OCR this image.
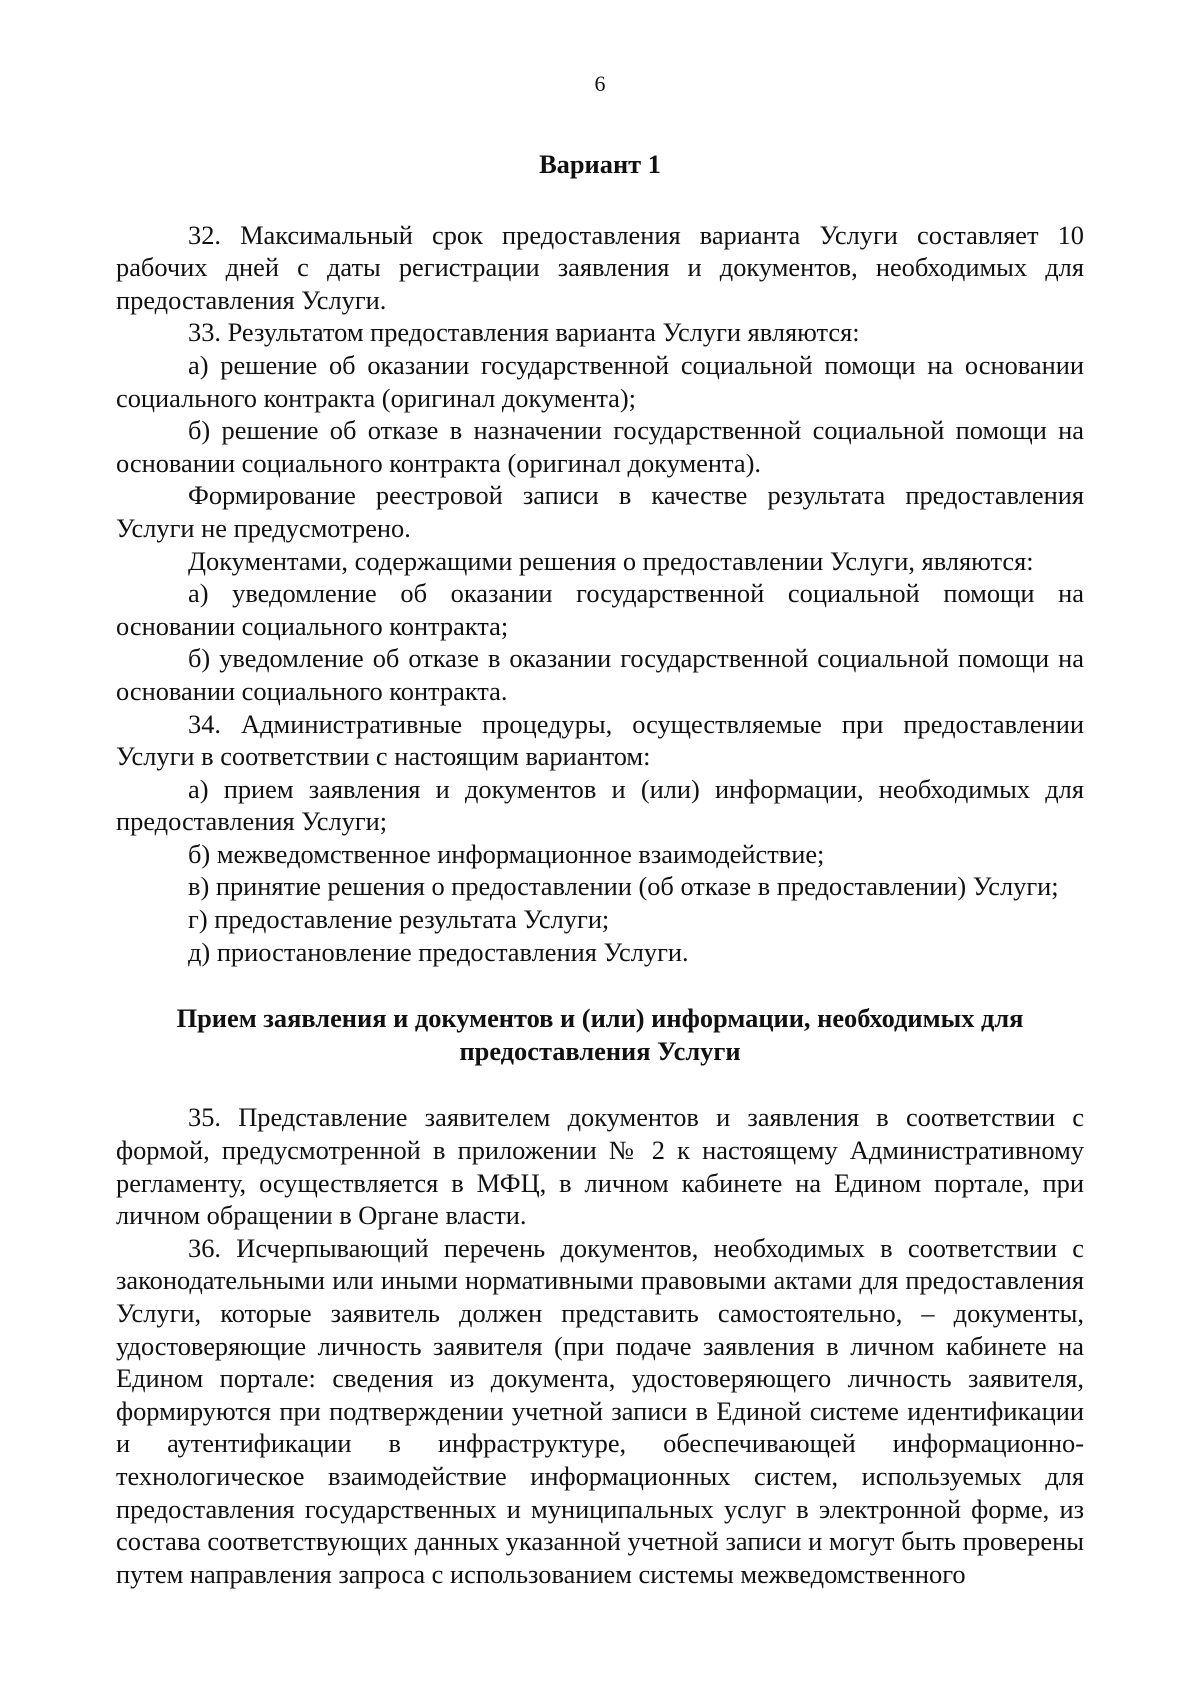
6
Вариант 1

32. Максимальный срок предоставления варианта Услуги составляет 10 рабочих дней с даты регистрации заявления и документов, необходимых для предоставления Услуги.

33. Результатом предоставления варианта Услуги являются:

а) решение об оказании государственной социальной помощи на основании социального контракта (оригинал документа);

б) решение об отказе в назначении государственной социальной помощи на основании социального контракта (оригинал документа).

Формирование реестровой записи в качестве результата предоставления Услуги не предусмотрено.

Документами, содержащими решения о предоставлении Услуги, являются:

а) уведомление об оказании государственной социальной помощи на основании социального контракта;

б) уведомление об отказе в оказании государственной социальной помощи на основании социального контракта.

34. Административные процедуры, осуществляемые при предоставлении Услуги в соответствии с настоящим вариантом:

а) прием заявления и документов и (или) информации, необходимых для предоставления Услуги;

б) межведомственное информационное взаимодействие;

в) принятие решения о предоставлении (об отказе в предоставлении) Услуги;

г) предоставление результата Услуги;

д) приостановление предоставления Услуги.

Прием заявления и документов и (или) информации, необходимых для предоставления Услуги

35. Представление заявителем документов и заявления в соответствии с формой, предусмотренной в приложении № 2 к настоящему Административному регламенту, осуществляется в МФЦ, в личном кабинете на Едином портале, при личном обращении в Органе власти.

36. Исчерпывающий перечень документов, необходимых в соответствии с законодательными или иными нормативными правовыми актами для предоставления Услуги, которые заявитель должен представить самостоятельно, – документы, удостоверяющие личность заявителя (при подаче заявления в личном кабинете на Едином портале: сведения из документа, удостоверяющего личность заявителя, формируются при подтверждении учетной записи в Единой системе идентификации и аутентификации в инфраструктуре, обеспечивающей информационно-технологическое взаимодействие информационных систем, используемых для предоставления государственных и муниципальных услуг в электронной форме, из состава соответствующих данных указанной учетной записи и могут быть проверены путем направления запроса с использованием системы межведомственного
